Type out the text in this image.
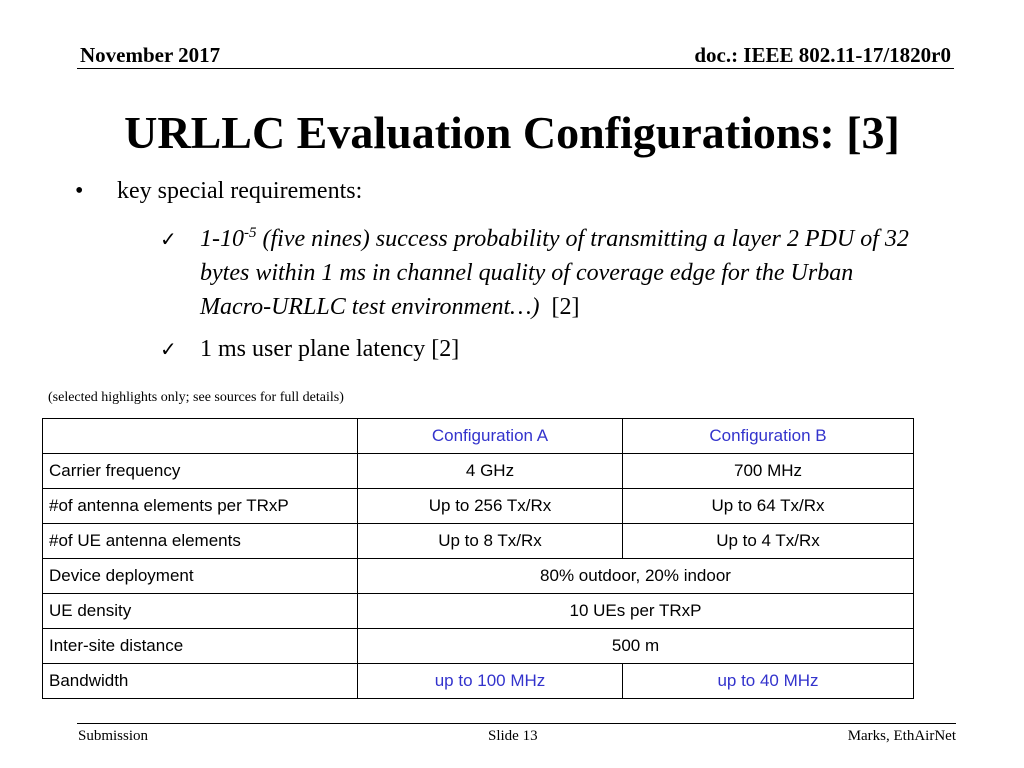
November 2017	doc.: IEEE 802.11-17/1820r0
URLLC Evaluation Configurations: [3]
•	key special requirements:
✓ $1-10^{-5}$ (five nines) success probability of transmitting a layer 2 PDU of 32 bytes within 1 ms in channel quality of coverage edge for the Urban Macro-URLLC test environment…)  [2]
✓ 1 ms user plane latency [2]
(selected highlights only; see sources for full details)
	Configuration A	Configuration B
Carrier frequency	4 GHz	700 MHz
#of antenna elements per TRxP	Up to 256 Tx/Rx	Up to 64 Tx/Rx
#of UE antenna elements	Up to 8 Tx/Rx	Up to 4 Tx/Rx
Device deployment	80% outdoor, 20% indoor	
UE density	10 UEs per TRxP	
Inter-site distance	500 m	
Bandwidth	up to 100 MHz	up to 40 MHz
Submission	Slide 13	Marks, EthAirNet
